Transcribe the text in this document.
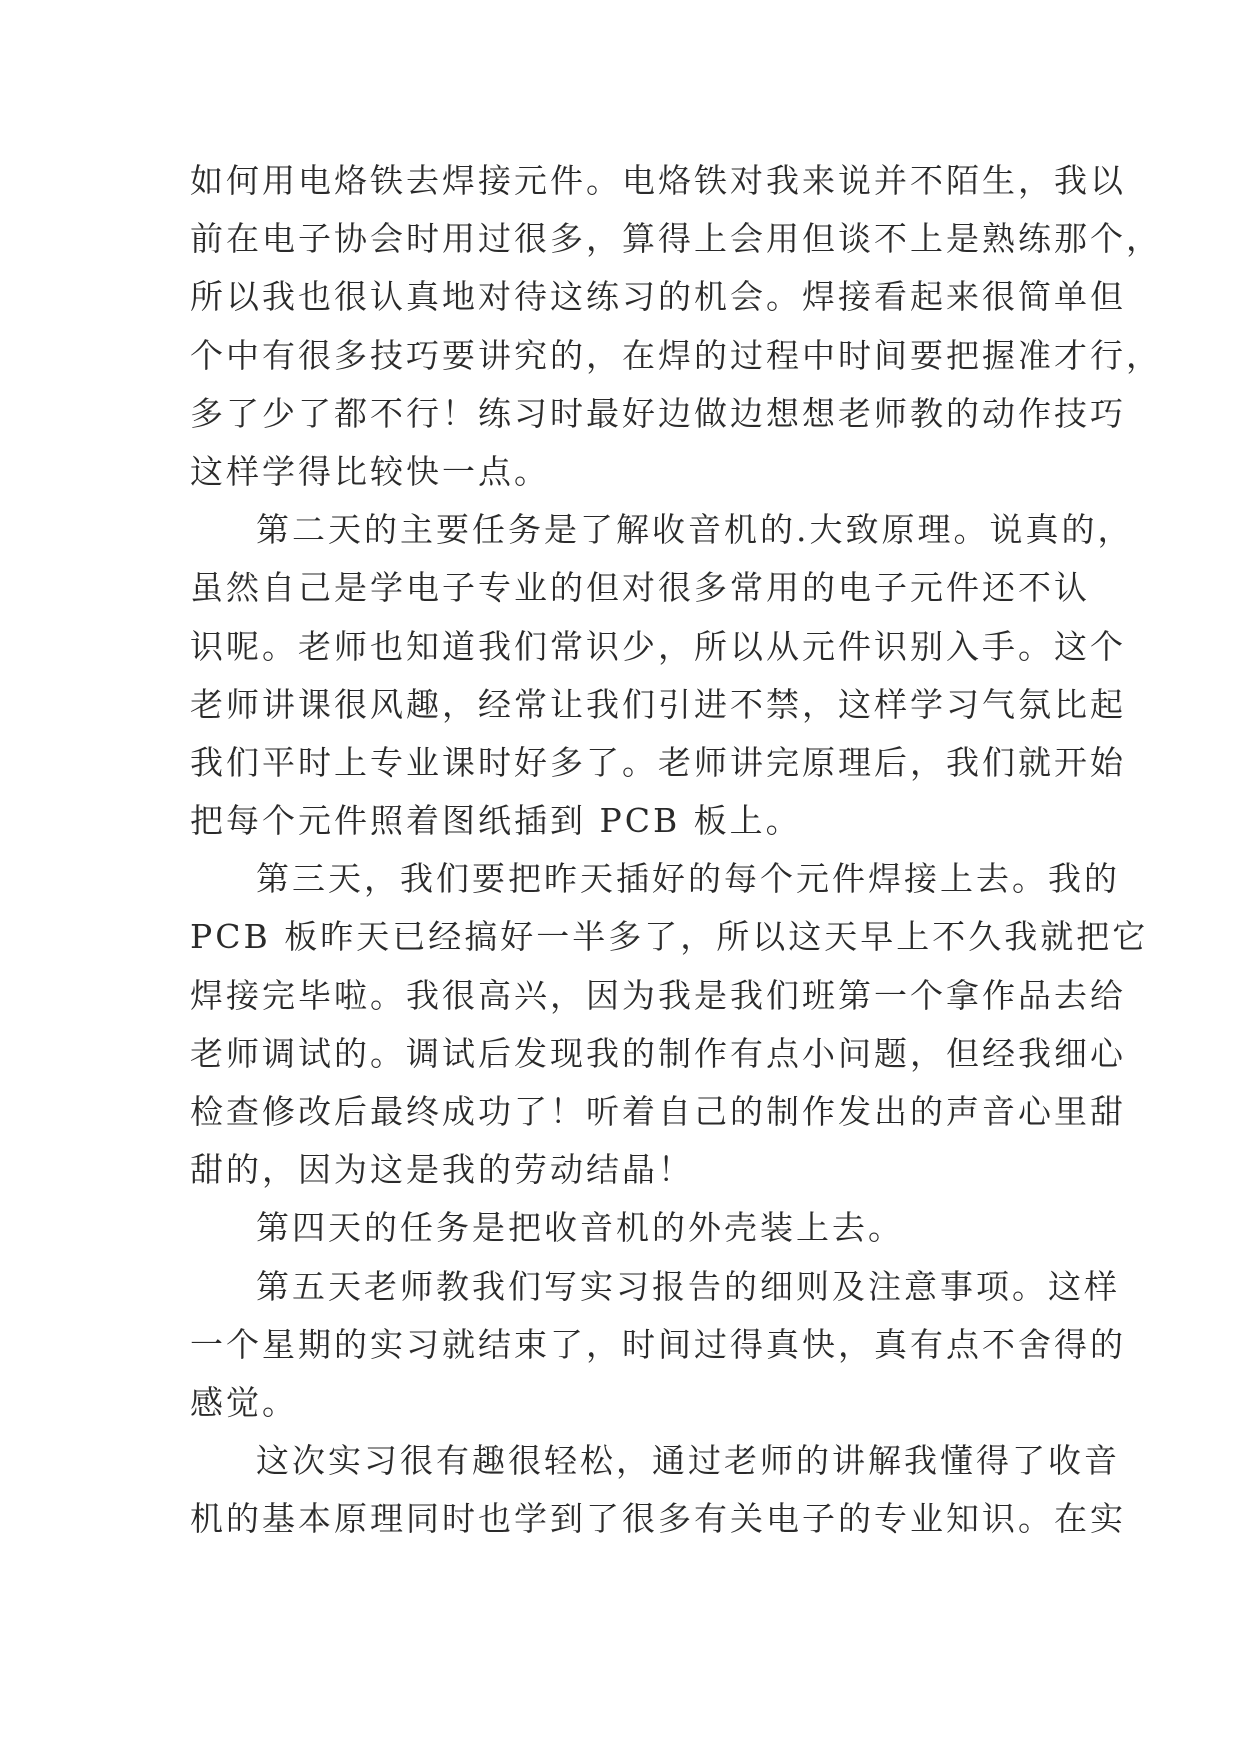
如何用电烙铁去焊接元件。电烙铁对我来说并不陌生，我以
前在电子协会时用过很多，算得上会用但谈不上是熟练那个，
所以我也很认真地对待这练习的机会。焊接看起来很简单但
个中有很多技巧要讲究的，在焊的过程中时间要把握准才行，
多了少了都不行！练习时最好边做边想想老师教的动作技巧
这样学得比较快一点。
第二天的主要任务是了解收音机的.大致原理。说真的，
虽然自己是学电子专业的但对很多常用的电子元件还不认
识呢。老师也知道我们常识少，所以从元件识别入手。这个
老师讲课很风趣，经常让我们引进不禁，这样学习气氛比起
我们平时上专业课时好多了。老师讲完原理后，我们就开始
把每个元件照着图纸插到 PCB 板上。
第三天，我们要把昨天插好的每个元件焊接上去。我的
PCB 板昨天已经搞好一半多了，所以这天早上不久我就把它
焊接完毕啦。我很高兴，因为我是我们班第一个拿作品去给
老师调试的。调试后发现我的制作有点小问题，但经我细心
检查修改后最终成功了！听着自己的制作发出的声音心里甜
甜的，因为这是我的劳动结晶！
第四天的任务是把收音机的外壳装上去。
第五天老师教我们写实习报告的细则及注意事项。这样
一个星期的实习就结束了，时间过得真快，真有点不舍得的
感觉。
这次实习很有趣很轻松，通过老师的讲解我懂得了收音
机的基本原理同时也学到了很多有关电子的专业知识。在实
